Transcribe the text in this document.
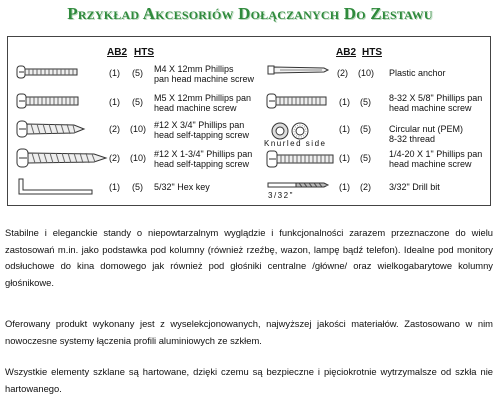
Przykład Akcesoriów Dołączanych Do Zestawu
AB2 HTS	AB2 HTS
(1) (5) M4 X 12mm Phillips
pan head machine screw
(1) (5) M5 X 12mm Phillips pan
head machine screw
(2) (10) #12 X 3/4" Phillips pan
head self-tapping screw
(2) (10) #12 X 1-3/4" Phillips pan
head self-tapping screw
(1) (5) 5/32" Hex key
(2) (10) Plastic anchor
(1) (5) 8-32 X 5/8" Phillips pan
head machine screw
Knurled side
(1) (5) Circular nut (PEM)
8-32 thread
(1) (5) 1/4-20 X 1" Phillips pan
head machine screw
3/32"
(1) (2) 3/32" Drill bit
Stabilne i eleganckie standy o niepowtarzalnym wyglądzie i funkcjonalności zarazem przeznaczone do wielu zastosowań m.in. jako podstawka pod kolumny (również rzeźbę, wazon, lampę bądź telefon). Idealne pod monitory odsłuchowe do kina domowego jak również pod głośniki centralne /główne/ oraz wielkogabarytowe kolumny głośnikowe.
Oferowany produkt wykonany jest z wyselekcjonowanych, najwyższej jakości materiałów. Zastosowano w nim nowoczesne systemy łączenia profili aluminiowych ze szkłem.
Wszystkie elementy szklane są hartowane, dzięki czemu są bezpieczne i pięciokrotnie wytrzymalsze od szkła nie hartowanego.
